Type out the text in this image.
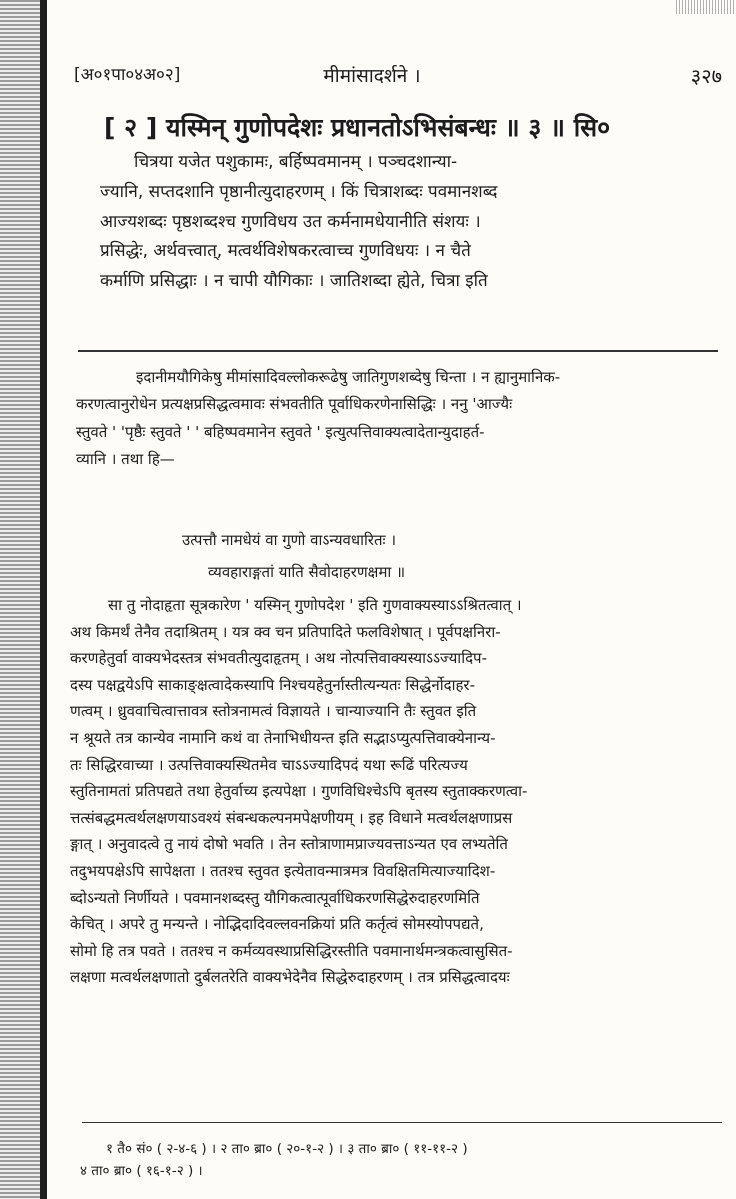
[अ०१पा०४अ०२]	मीमांसादर्शने ।	३२७
[ २ ] यस्मिन् गुणोपदेशः प्रधानतोऽभिसंबन्धः ॥ ३ ॥ सि०
चित्रया यजेत पशुकामः, बर्हिष्पवमानम् । पञ्चदशान्या-
ज्यानि, सप्तदशानि पृष्ठानीत्युदाहरणम् । किं चित्राशब्दः पवमानशब्द
आज्यशब्दः पृष्ठशब्दश्च गुणविधय उत कर्मनामधेयानीति संशयः ।
प्रसिद्धेः, अर्थवत्त्वात्, मत्वर्थविशेषकरत्वाच्च गुणविधयः । न चैते
कर्माणि प्रसिद्धाः । न चापी यौगिकाः । जातिशब्दा ह्येते, चित्रा इति
इदानीमयौगिकेषु मीमांसादिवल्लोकरूढेषु जातिगुणशब्देषु चिन्ता । न ह्यानुमानिक-
करणत्वानुरोधेन प्रत्यक्षप्रसिद्धत्वमावः संभवतीति पूर्वाधिकरणेनासिद्धिः । ननु 'आज्यैः
स्तुवते ' 'पृष्ठैः स्तुवते ' ' बहिष्पवमानेन स्तुवते ' इत्युत्पत्तिवाक्यत्वादेतान्युदाहर्त-
व्यानि । तथा हि—
उत्पत्तौ नामधेयं वा गुणो वाऽन्यवधारितः ।
व्यवहाराङ्गतां याति सैवोदाहरणक्षमा ॥
सा तु नोदाहृता सूत्रकारेण ' यस्मिन् गुणोपदेश ' इति गुणवाक्यस्याऽऽश्रितत्वात् ।
अथ किमर्थं तेनैव तदाश्रितम् । यत्र क्व चन प्रतिपादिते फलविशेषात् । पूर्वपक्षनिरा-
करणहेतुर्वा वाक्यभेदस्तत्र संभवतीत्युदाहृतम् । अथ नोत्पत्तिवाक्यस्याऽऽज्यादिप-
दस्य पक्षद्वयेऽपि साकाङ्क्षत्वादेकस्यापि निश्चयहेतुर्नास्तीत्यन्यतः सिद्धेर्नोदाहर-
णत्वम् । ध्रुववाचित्वात्तावत्र स्तोत्रनामत्वं विज्ञायते । चान्याज्यानि तैः स्तुवत इति
न श्रूयते तत्र कान्येव नामानि कथं वा तेनाभिधीयन्त इति सद्भाऽप्युत्पत्तिवाक्येनान्य-
तः सिद्धिरवाच्या । उत्पत्तिवाक्यस्थितमेव चाऽऽज्यादिपदं यथा रूढिं परित्यज्य
स्तुतिनामतां प्रतिपद्यते तथा हेतुर्वाच्य इत्यपेक्षा । गुणविधिश्चेऽपि बृतस्य स्तुताक्करणत्वा-
त्तत्संबद्धमत्वर्थलक्षणयाऽवश्यं संबन्धकल्पनमपेक्षणीयम् । इह विधाने मत्वर्थलक्षणाप्रस
ङ्गात् । अनुवादत्वे तु नायं दोषो भवति । तेन स्तोत्राणामप्राज्यवत्ताऽन्यत एव लभ्यतेति
तदुभयपक्षेऽपि सापेक्षता । ततश्च स्तुवत इत्येतावन्मात्रमत्र विवक्षितमित्याज्यादिश-
ब्दोऽन्यतो निर्णीयते । पवमानशब्दस्तु यौगिकत्वात्पूर्वाधिकरणसिद्धेरुदाहरणमिति
केचित् । अपरे तु मन्यन्ते । नोद्भिदादिवल्लवनक्रियां प्रति कर्तृत्वं सोमस्योपपद्यते,
सोमो हि तत्र पवते । ततश्च न कर्मव्यवस्थाप्रसिद्धिरस्तीति पवमानार्थमन्त्रकत्वासुसित-
लक्षणा मत्वर्थलक्षणातो दुर्बलतरेति वाक्यभेदेनैव सिद्धेरुदाहरणम् । तत्र प्रसिद्धत्वादयः
१ तै० सं० ( २-४-६ ) । २ ता० ब्रा० ( २०-१-२ ) । ३ ता० ब्रा० ( ११-११-२ )
४ ता० ब्रा० ( १६-१-२ ) ।
